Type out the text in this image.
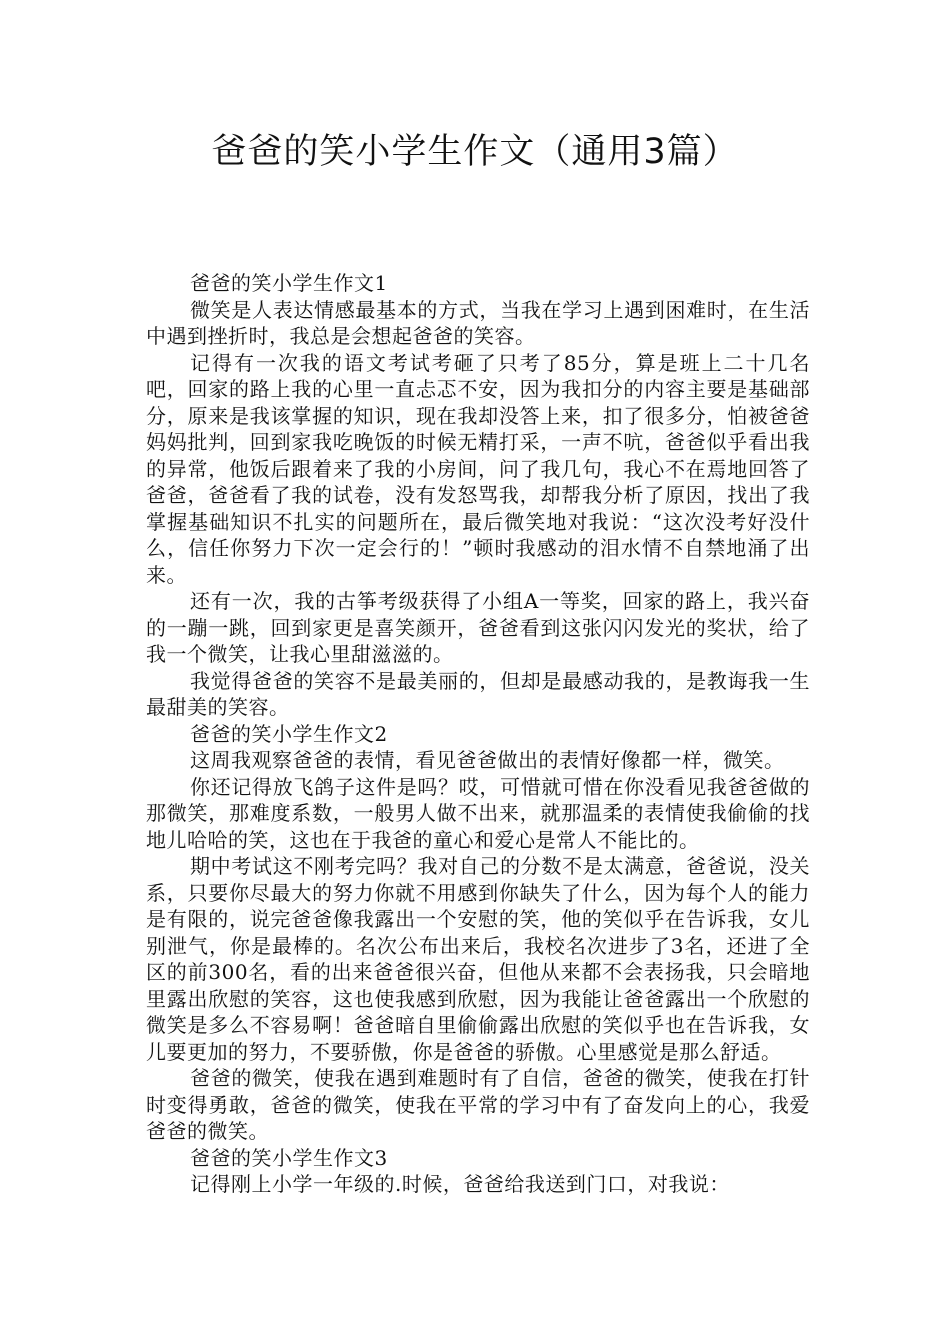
爸爸的笑小学生作文（通用3篇）

爸爸的笑小学生作文1

微笑是人表达情感最基本的方式，当我在学习上遇到困难时，在生活中遇到挫折时，我总是会想起爸爸的笑容。

记得有一次我的语文考试考砸了只考了85分，算是班上二十几名吧，回家的路上我的心里一直忐忑不安，因为我扣分的内容主要是基础部分，原来是我该掌握的知识，现在我却没答上来，扣了很多分，怕被爸爸妈妈批判，回到家我吃晚饭的时候无精打采，一声不吭，爸爸似乎看出我的异常，他饭后跟着来了我的小房间，问了我几句，我心不在焉地回答了爸爸，爸爸看了我的试卷，没有发怒骂我，却帮我分析了原因，找出了我掌握基础知识不扎实的问题所在，最后微笑地对我说：“这次没考好没什么，信任你努力下次一定会行的！”顿时我感动的泪水情不自禁地涌了出来。

还有一次，我的古筝考级获得了小组A一等奖，回家的路上，我兴奋的一蹦一跳，回到家更是喜笑颜开，爸爸看到这张闪闪发光的奖状，给了我一个微笑，让我心里甜滋滋的。

我觉得爸爸的笑容不是最美丽的，但却是最感动我的，是教诲我一生最甜美的笑容。

爸爸的笑小学生作文2

这周我观察爸爸的表情，看见爸爸做出的表情好像都一样，微笑。

你还记得放飞鸽子这件是吗？哎，可惜就可惜在你没看见我爸爸做的那微笑，那难度系数，一般男人做不出来，就那温柔的表情使我偷偷的找地儿哈哈的笑，这也在于我爸的童心和爱心是常人不能比的。

期中考试这不刚考完吗？我对自己的分数不是太满意，爸爸说，没关系，只要你尽最大的努力你就不用感到你缺失了什么，因为每个人的能力是有限的，说完爸爸像我露出一个安慰的笑，他的笑似乎在告诉我，女儿别泄气，你是最棒的。名次公布出来后，我校名次进步了3名，还进了全区的前300名，看的出来爸爸很兴奋，但他从来都不会表扬我，只会暗地里露出欣慰的笑容，这也使我感到欣慰，因为我能让爸爸露出一个欣慰的微笑是多么不容易啊！爸爸暗自里偷偷露出欣慰的笑似乎也在告诉我，女儿要更加的努力，不要骄傲，你是爸爸的骄傲。心里感觉是那么舒适。

爸爸的微笑，使我在遇到难题时有了自信，爸爸的微笑，使我在打针时变得勇敢，爸爸的微笑，使我在平常的学习中有了奋发向上的心，我爱爸爸的微笑。

爸爸的笑小学生作文3

记得刚上小学一年级的.时候，爸爸给我送到门口，对我说：
